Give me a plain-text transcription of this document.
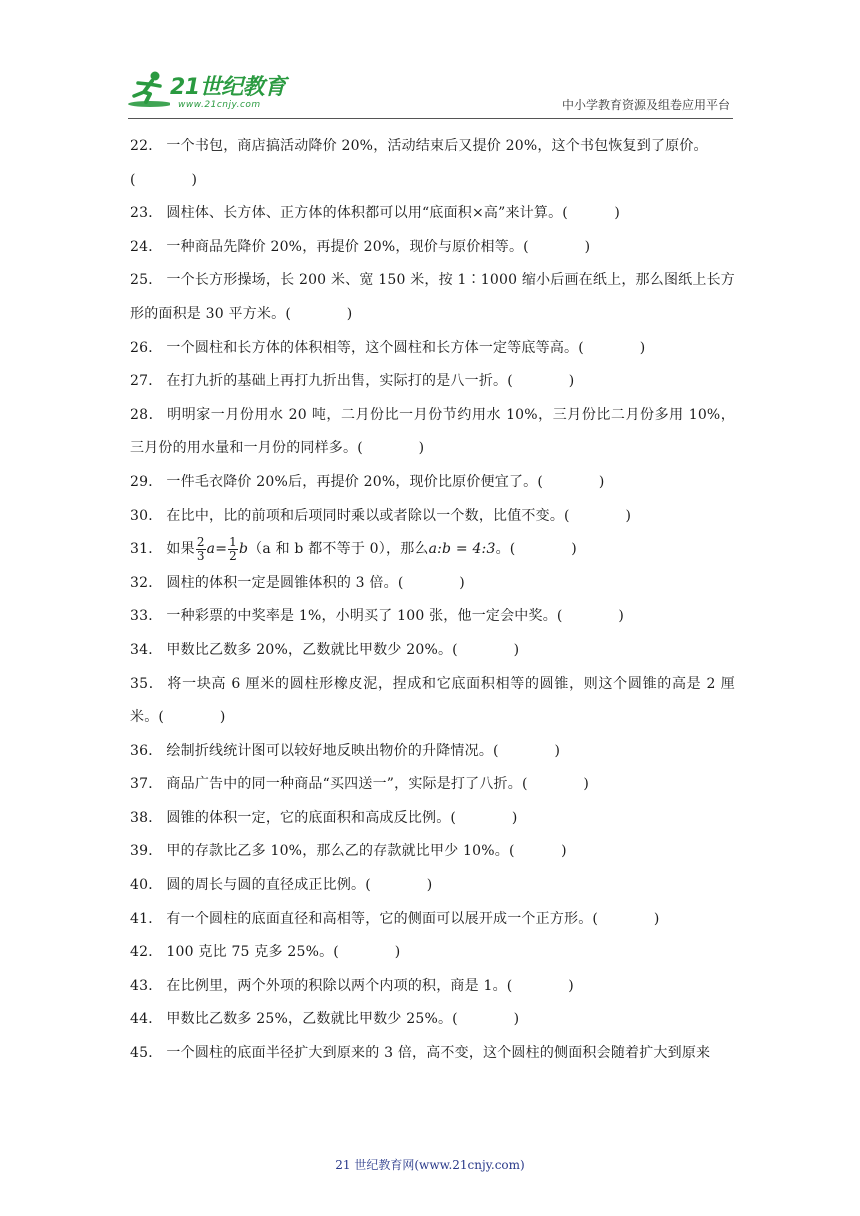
21世纪教育
www.21cnjy.com	中小学教育资源及组卷应用平台
22． 一个书包，商店搞活动降价 20%，活动结束后又提价 20%，这个书包恢复到了原价。
(            )
23． 圆柱体、长方体、正方体的体积都可以用“底面积×高”来计算。(          )
24． 一种商品先降价 20%，再提价 20%，现价与原价相等。(            )
25． 一个长方形操场，长 200 米、宽 150 米，按 1∶1000 缩小后画在纸上，那么图纸上长方形的面积是 30 平方米。(            )
26． 一个圆柱和长方体的体积相等，这个圆柱和长方体一定等底等高。(            )
27． 在打九折的基础上再打九折出售，实际打的是八一折。(            )
28． 明明家一月份用水 20 吨，二月份比一月份节约用水 10%，三月份比二月份多用 10%，三月份的用水量和一月份的同样多。(            )
29． 一件毛衣降价 20%后，再提价 20%，现价比原价便宜了。(            )
30． 在比中，比的前项和后项同时乘以或者除以一个数，比值不变。(            )
31． 如果 $\frac{2}{3} a= \frac{1}{2} b(a$ 和 b 都不等于 0），那么a:b = 4:3。(            )
32． 圆柱的体积一定是圆锥体积的 3 倍。(            )
33． 一种彩票的中奖率是 1%，小明买了 100 张，他一定会中奖。(            )
34． 甲数比乙数多 20%，乙数就比甲数少 20%。(            )
35． 将一块高 6 厘米的圆柱形橡皮泥，捏成和它底面积相等的圆锥，则这个圆锥的高是 2 厘米。(            )
36． 绘制折线统计图可以较好地反映出物价的升降情况。(            )
37． 商品广告中的同一种商品“买四送一”，实际是打了八折。(            )
38． 圆锥的体积一定，它的底面积和高成反比例。(            )
39． 甲的存款比乙多 10%，那么乙的存款就比甲少 10%。(          )
40． 圆的周长与圆的直径成正比例。(            )
41． 有一个圆柱的底面直径和高相等，它的侧面可以展开成一个正方形。(            )
42． 100 克比 75 克多 25%。(            )
43． 在比例里，两个外项的积除以两个内项的积，商是 1。(            )
44． 甲数比乙数多 25%，乙数就比甲数少 25%。(            )
45． 一个圆柱的底面半径扩大到原来的 3 倍，高不变，这个圆柱的侧面积会随着扩大到原来
21 世纪教育网(www.21cnjy.com)
